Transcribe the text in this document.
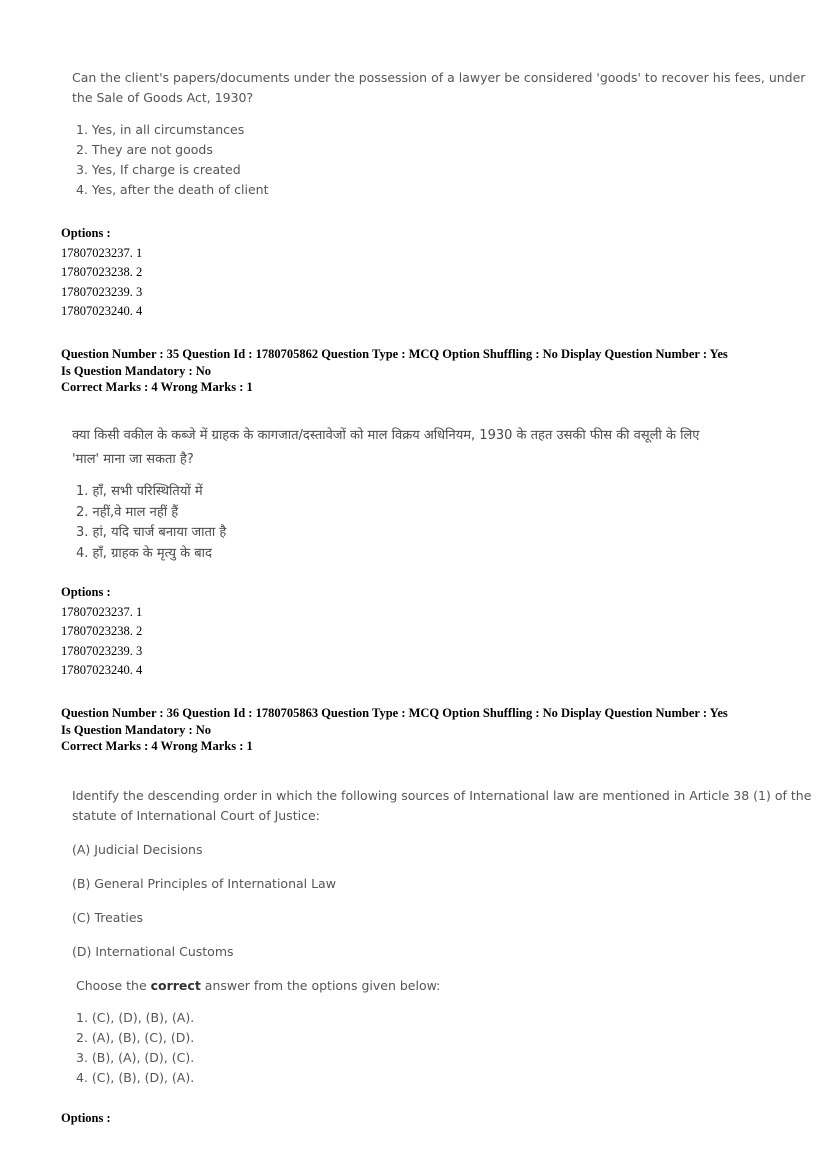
Can the client's papers/documents under the possession of a lawyer be considered 'goods' to recover his fees, under

the Sale of Goods Act, 1930?

1. Yes, in all circumstances
2. They are not goods
3. Yes, If charge is created
4. Yes, after the death of client
Options :
17807023237. 1
17807023238. 2
17807023239. 3
17807023240. 4
Question Number : 35 Question Id : 1780705862 Question Type : MCQ Option Shuffling : No Display Question Number : Yes
Is Question Mandatory : No
Correct Marks : 4 Wrong Marks : 1

क्या किसी वकील के कब्जे में ग्राहक के कागजात/दस्तावेजों को माल विक्रय अधिनियम, 1930 के तहत उसकी फीस की वसूली के लिए

'माल' माना जा सकता है?

1. हाँ, सभी परिस्थितियों में
2. नहीं,वे माल नहीं हैं
3. हां, यदि चार्ज बनाया जाता है
4. हाँ, ग्राहक के मृत्यु के बाद
Options :
17807023237. 1
17807023238. 2
17807023239. 3
17807023240. 4
Question Number : 36 Question Id : 1780705863 Question Type : MCQ Option Shuffling : No Display Question Number : Yes
Is Question Mandatory : No
Correct Marks : 4 Wrong Marks : 1

Identify the descending order in which the following sources of International law are mentioned in Article 38 (1) of the

statute of International Court of Justice:

(A) Judicial Decisions
(B) General Principles of International Law
(C) Treaties
(D) International Customs
Choose the correct answer from the options given below:
1. (C), (D), (B), (A).
2. (A), (B), (C), (D).
3. (B), (A), (D), (C).
4. (C), (B), (D), (A).
Options :
